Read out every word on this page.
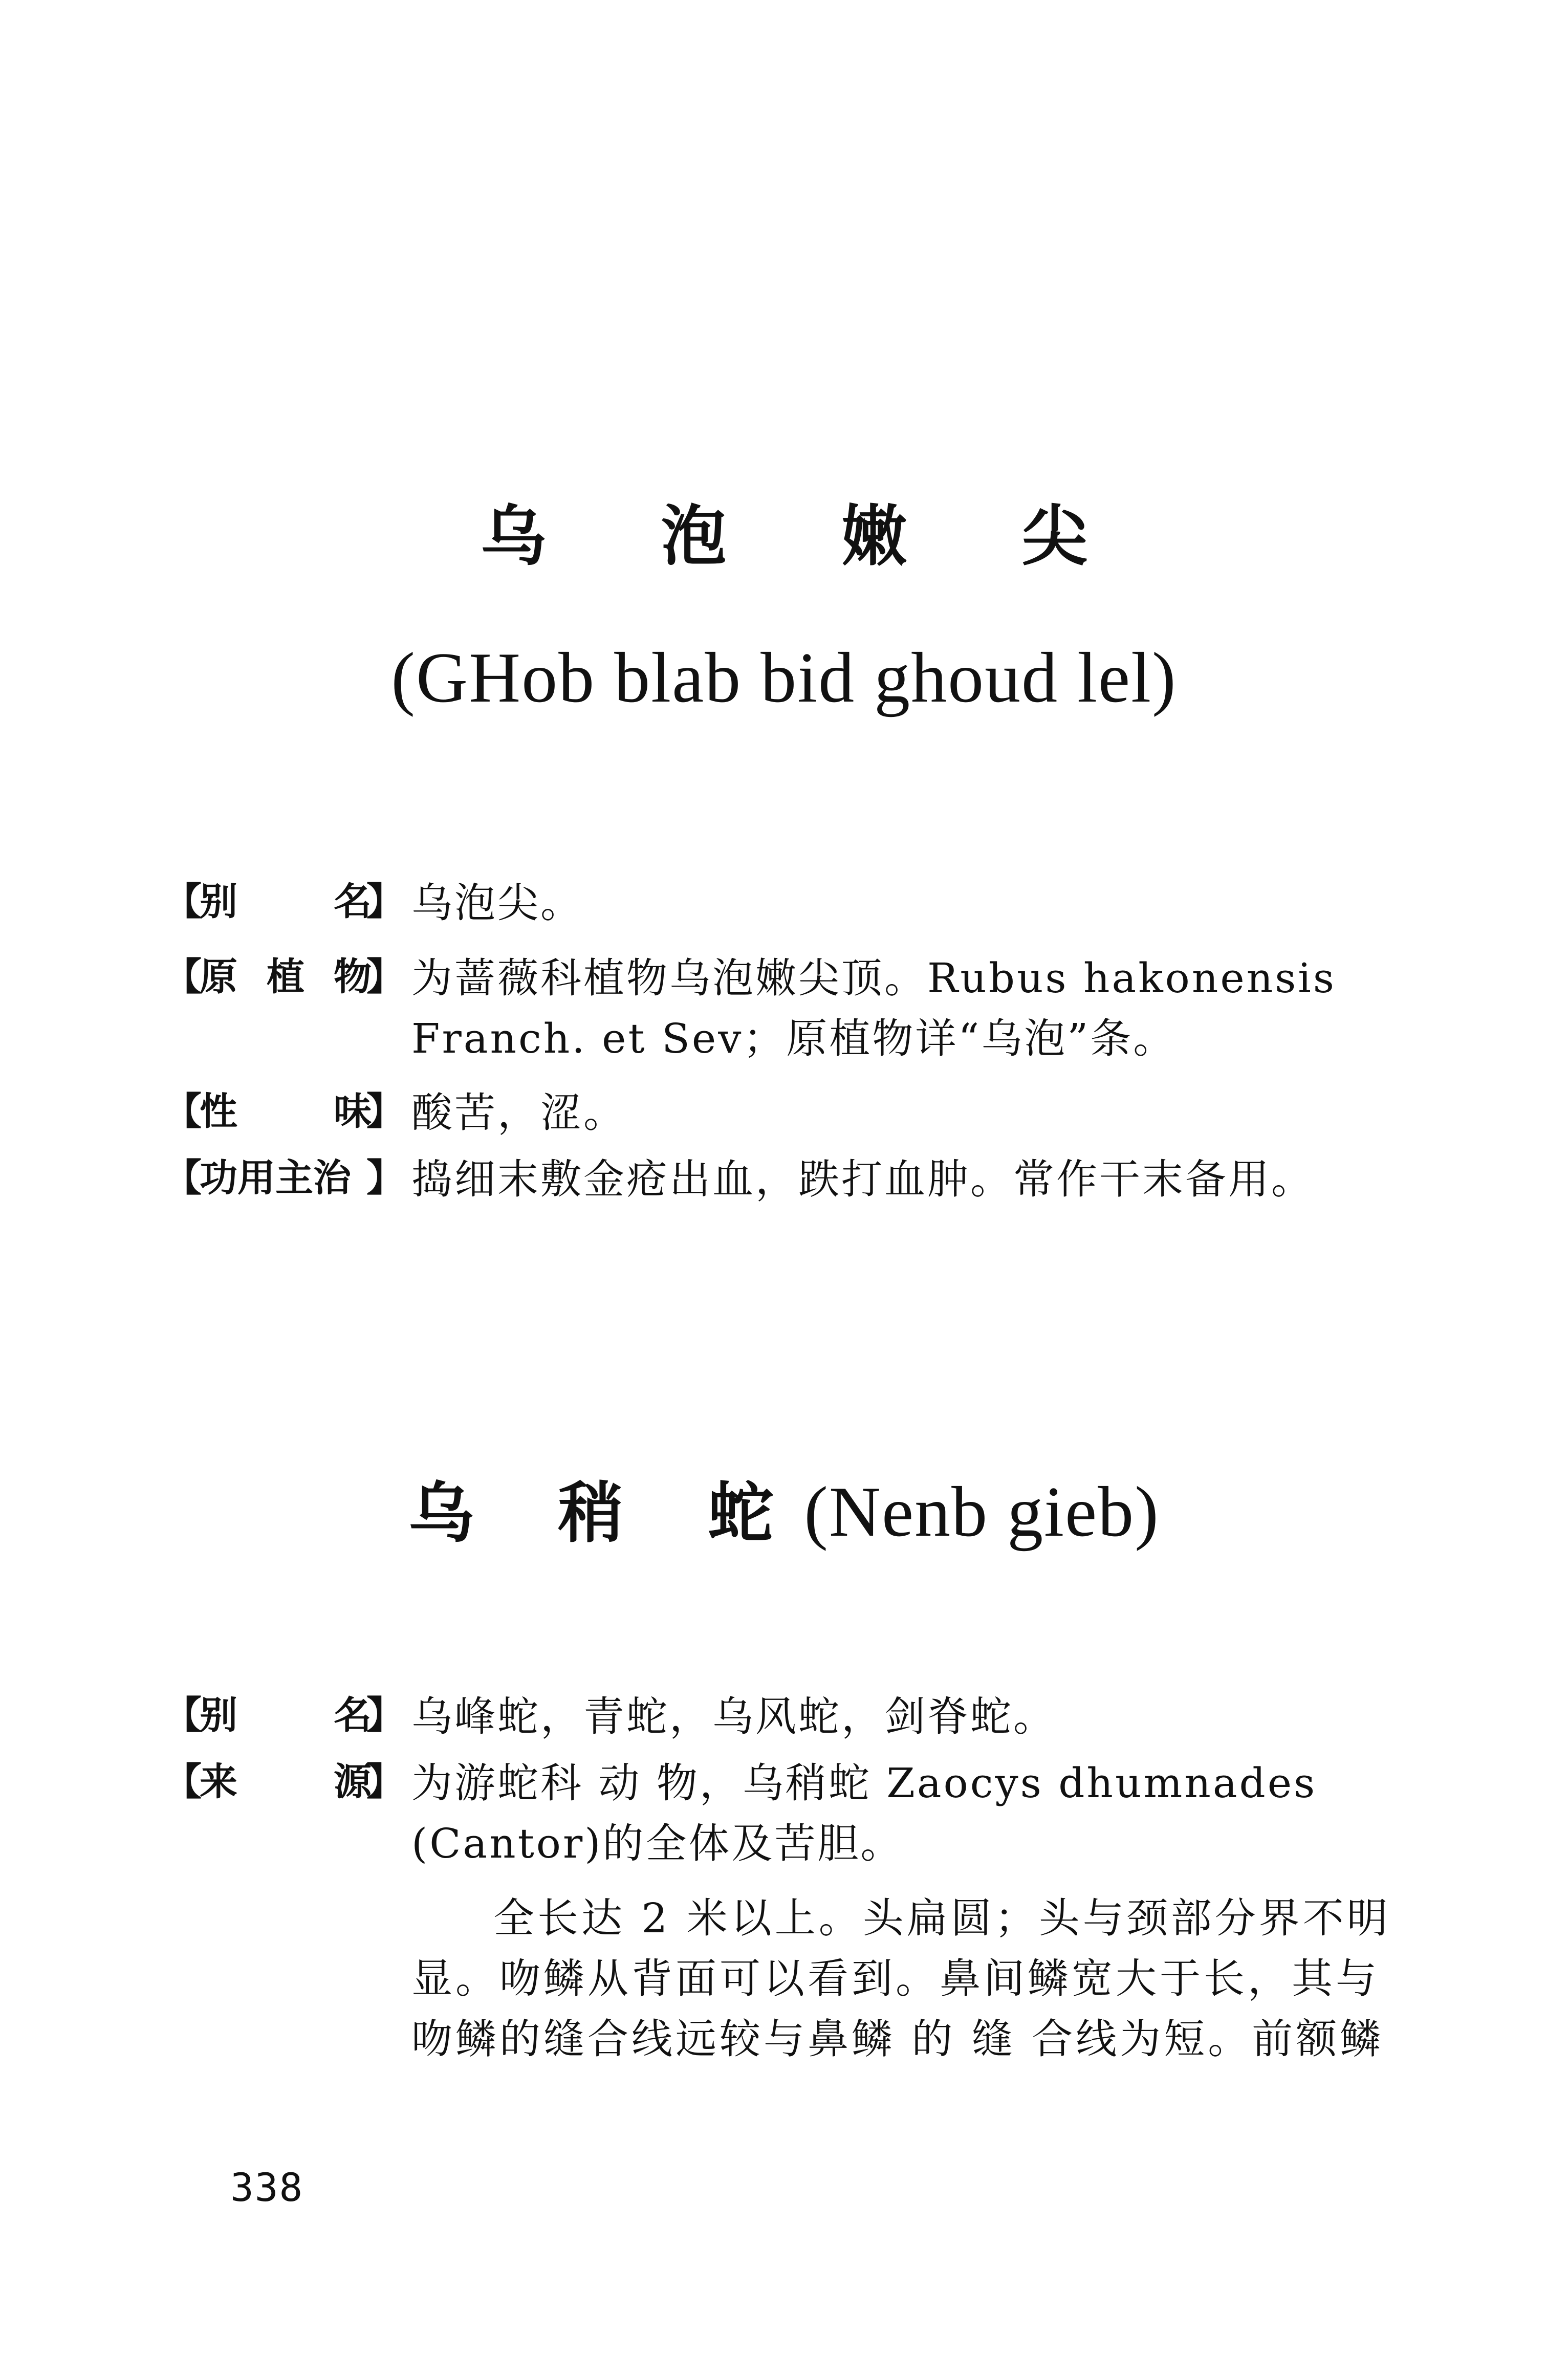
乌 泡 嫩 尖
(GHob blab bid ghoud lel)
【
别	名
】 乌泡尖。
【
原 植 物
】 为蔷薇科植物乌泡嫩尖顶。Rubus hakonensis
Franch. et Sev；原植物详“乌泡”条。
【
性	味
】 酸苦，涩。
【
功用主治 】 捣细末敷金疮出血，跌打血肿。常作干末备用。
乌 稍 蛇(Nenb gieb)
【
别	名
】 乌峰蛇，青蛇，乌风蛇，剑脊蛇。
【
来	源
】 为游蛇科 动 物，乌稍蛇 Zaocys dhumnades
(Cantor)的全体及苦胆。
全长达 2 米以上。头扁圆；头与颈部分界不明
显。吻鳞从背面可以看到。鼻间鳞宽大于长，其与
吻鳞的缝合线远较与鼻鳞 的 缝 合线为短。前额鳞
338
